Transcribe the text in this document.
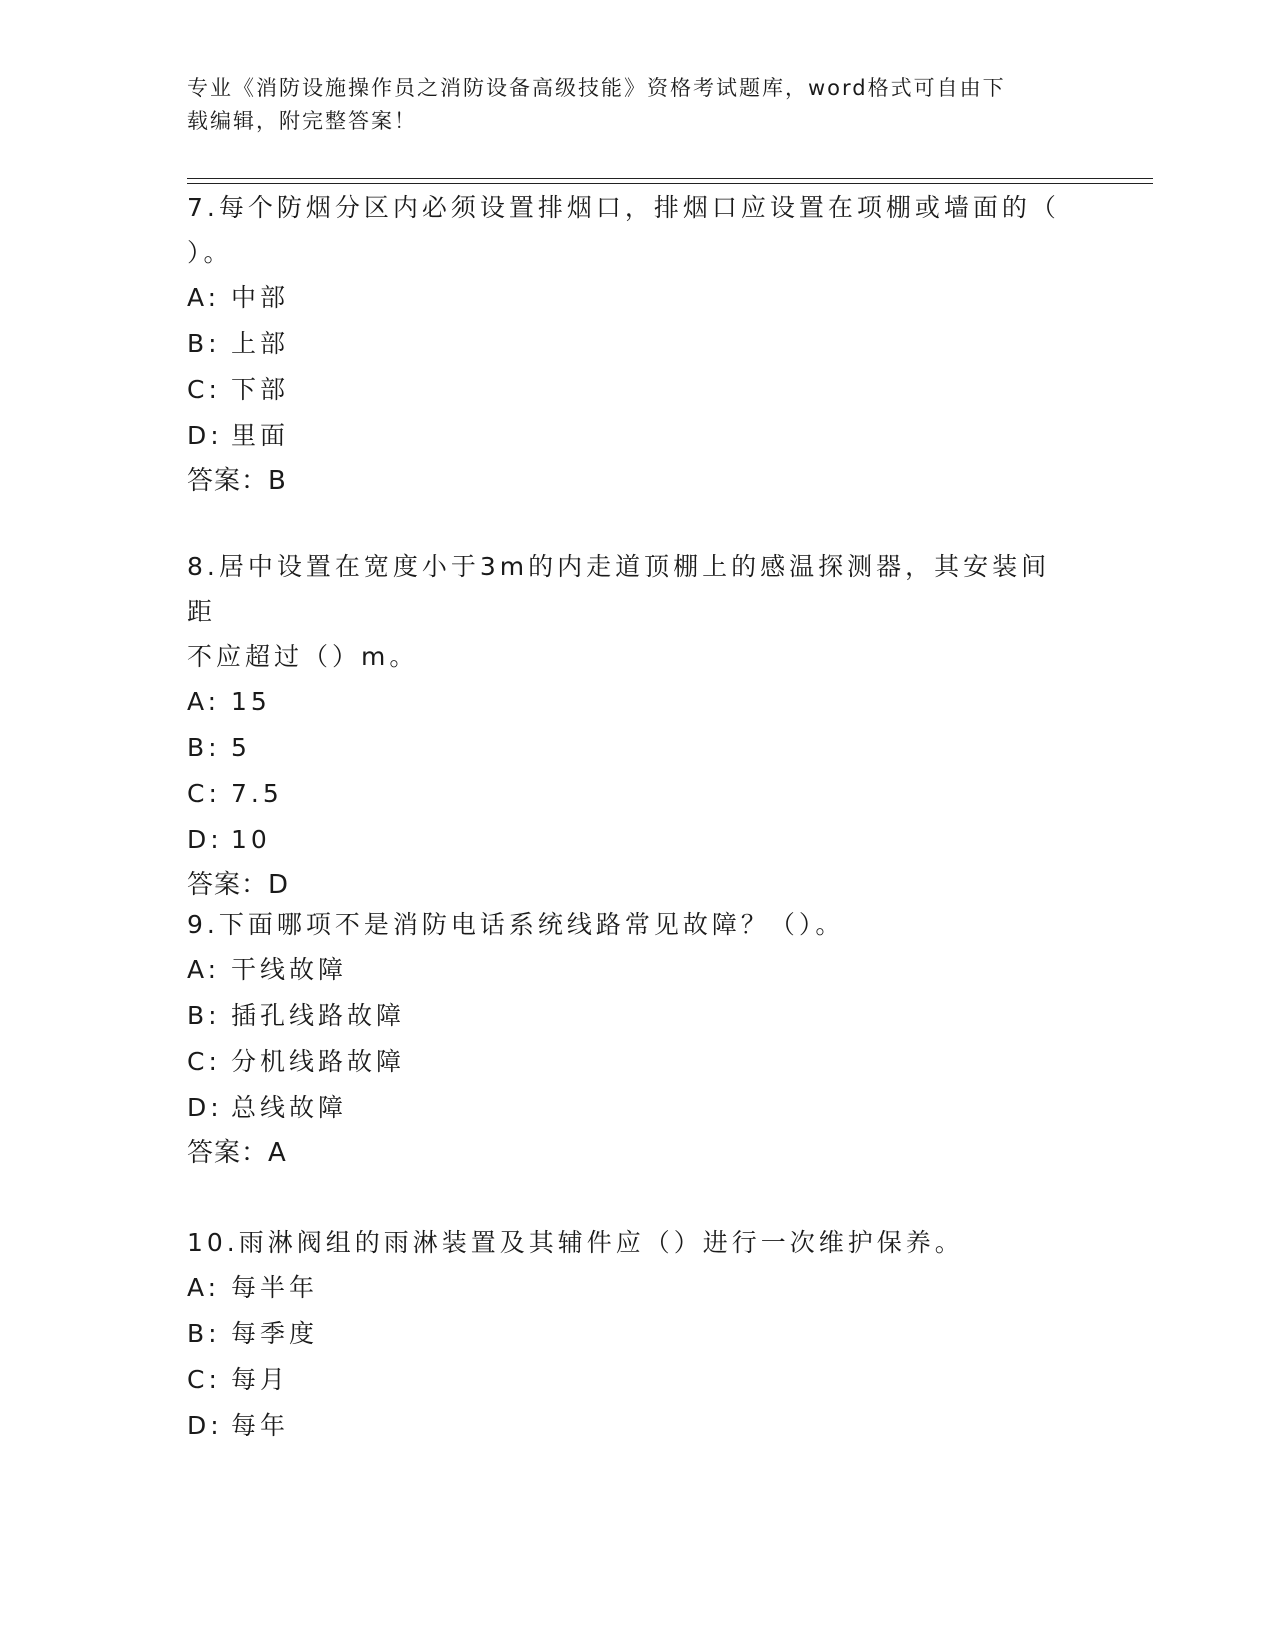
专业《消防设施操作员之消防设备高级技能》资格考试题库，word格式可自由下
载编辑，附完整答案！
7.每个防烟分区内必须设置排烟口，排烟口应设置在项棚或墙面的（
）。
A: 中部
B: 上部
C: 下部
D: 里面
答案：B
8.居中设置在宽度小于3m的内走道顶棚上的感温探测器，其安装间距
不应超过（）m。
A: 15
B: 5
C: 7.5
D: 10
答案：D
9.下面哪项不是消防电话系统线路常见故障？（）。
A: 干线故障
B: 插孔线路故障
C: 分机线路故障
D: 总线故障
答案：A
10.雨淋阀组的雨淋装置及其辅件应（）进行一次维护保养。
A: 每半年
B: 每季度
C: 每月
D: 每年
